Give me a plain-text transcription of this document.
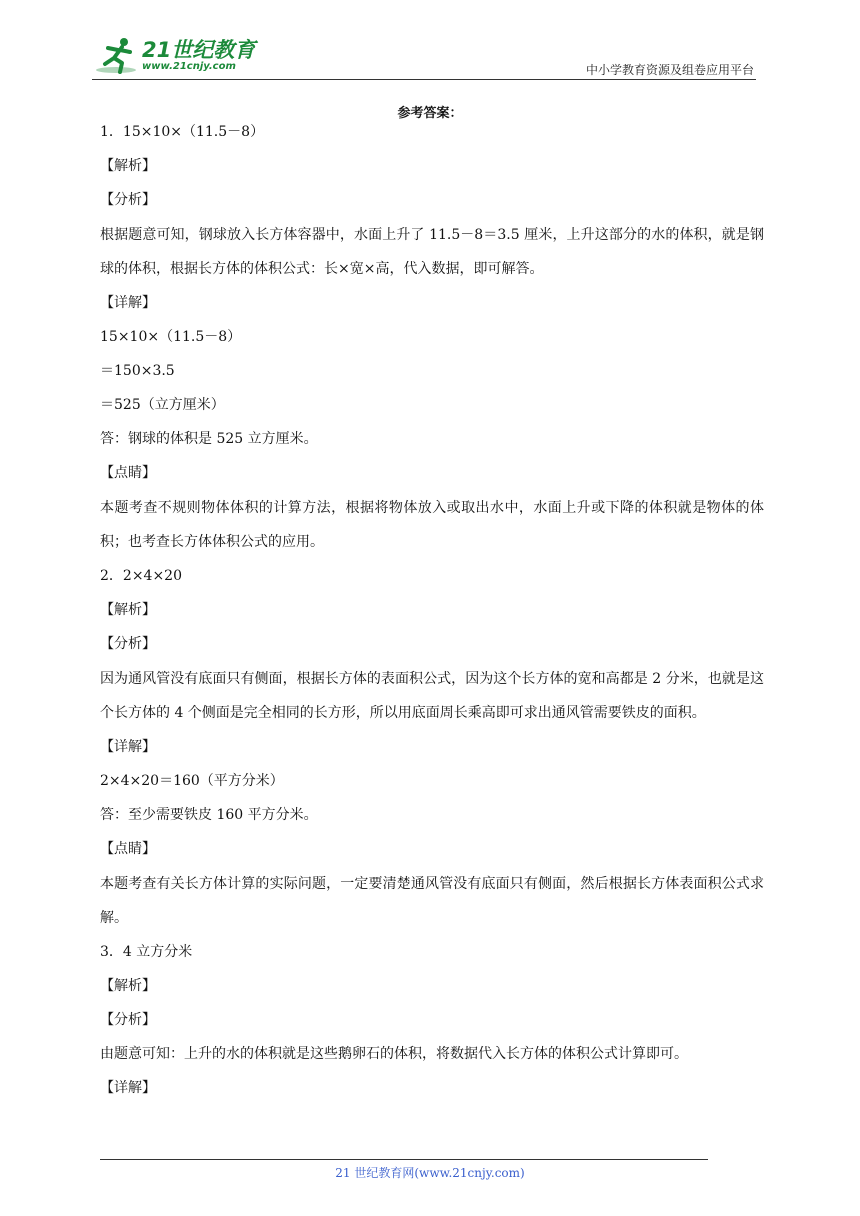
21世纪教育
www.21cnjy.com	中小学教育资源及组卷应用平台
参考答案：
1．15×10×（11.5－8）
【解析】
【分析】
根据题意可知，钢球放入长方体容器中，水面上升了 11.5－8＝3.5 厘米，上升这部分的水的体积，就是钢球的体积，根据长方体的体积公式：长×宽×高，代入数据，即可解答。
【详解】
15×10×（11.5－8）
＝150×3.5
＝525（立方厘米）
答：钢球的体积是 525 立方厘米。
【点睛】
本题考查不规则物体体积的计算方法，根据将物体放入或取出水中，水面上升或下降的体积就是物体的体积；也考查长方体体积公式的应用。
2．2×4×20
【解析】
【分析】
因为通风管没有底面只有侧面，根据长方体的表面积公式，因为这个长方体的宽和高都是 2 分米，也就是这个长方体的 4 个侧面是完全相同的长方形，所以用底面周长乘高即可求出通风管需要铁皮的面积。
【详解】
2×4×20＝160（平方分米）
答：至少需要铁皮 160 平方分米。
【点睛】
本题考查有关长方体计算的实际问题，一定要清楚通风管没有底面只有侧面，然后根据长方体表面积公式求解。
3．4 立方分米
【解析】
【分析】
由题意可知：上升的水的体积就是这些鹅卵石的体积，将数据代入长方体的体积公式计算即可。
【详解】
21 世纪教育网(www.21cnjy.com)
